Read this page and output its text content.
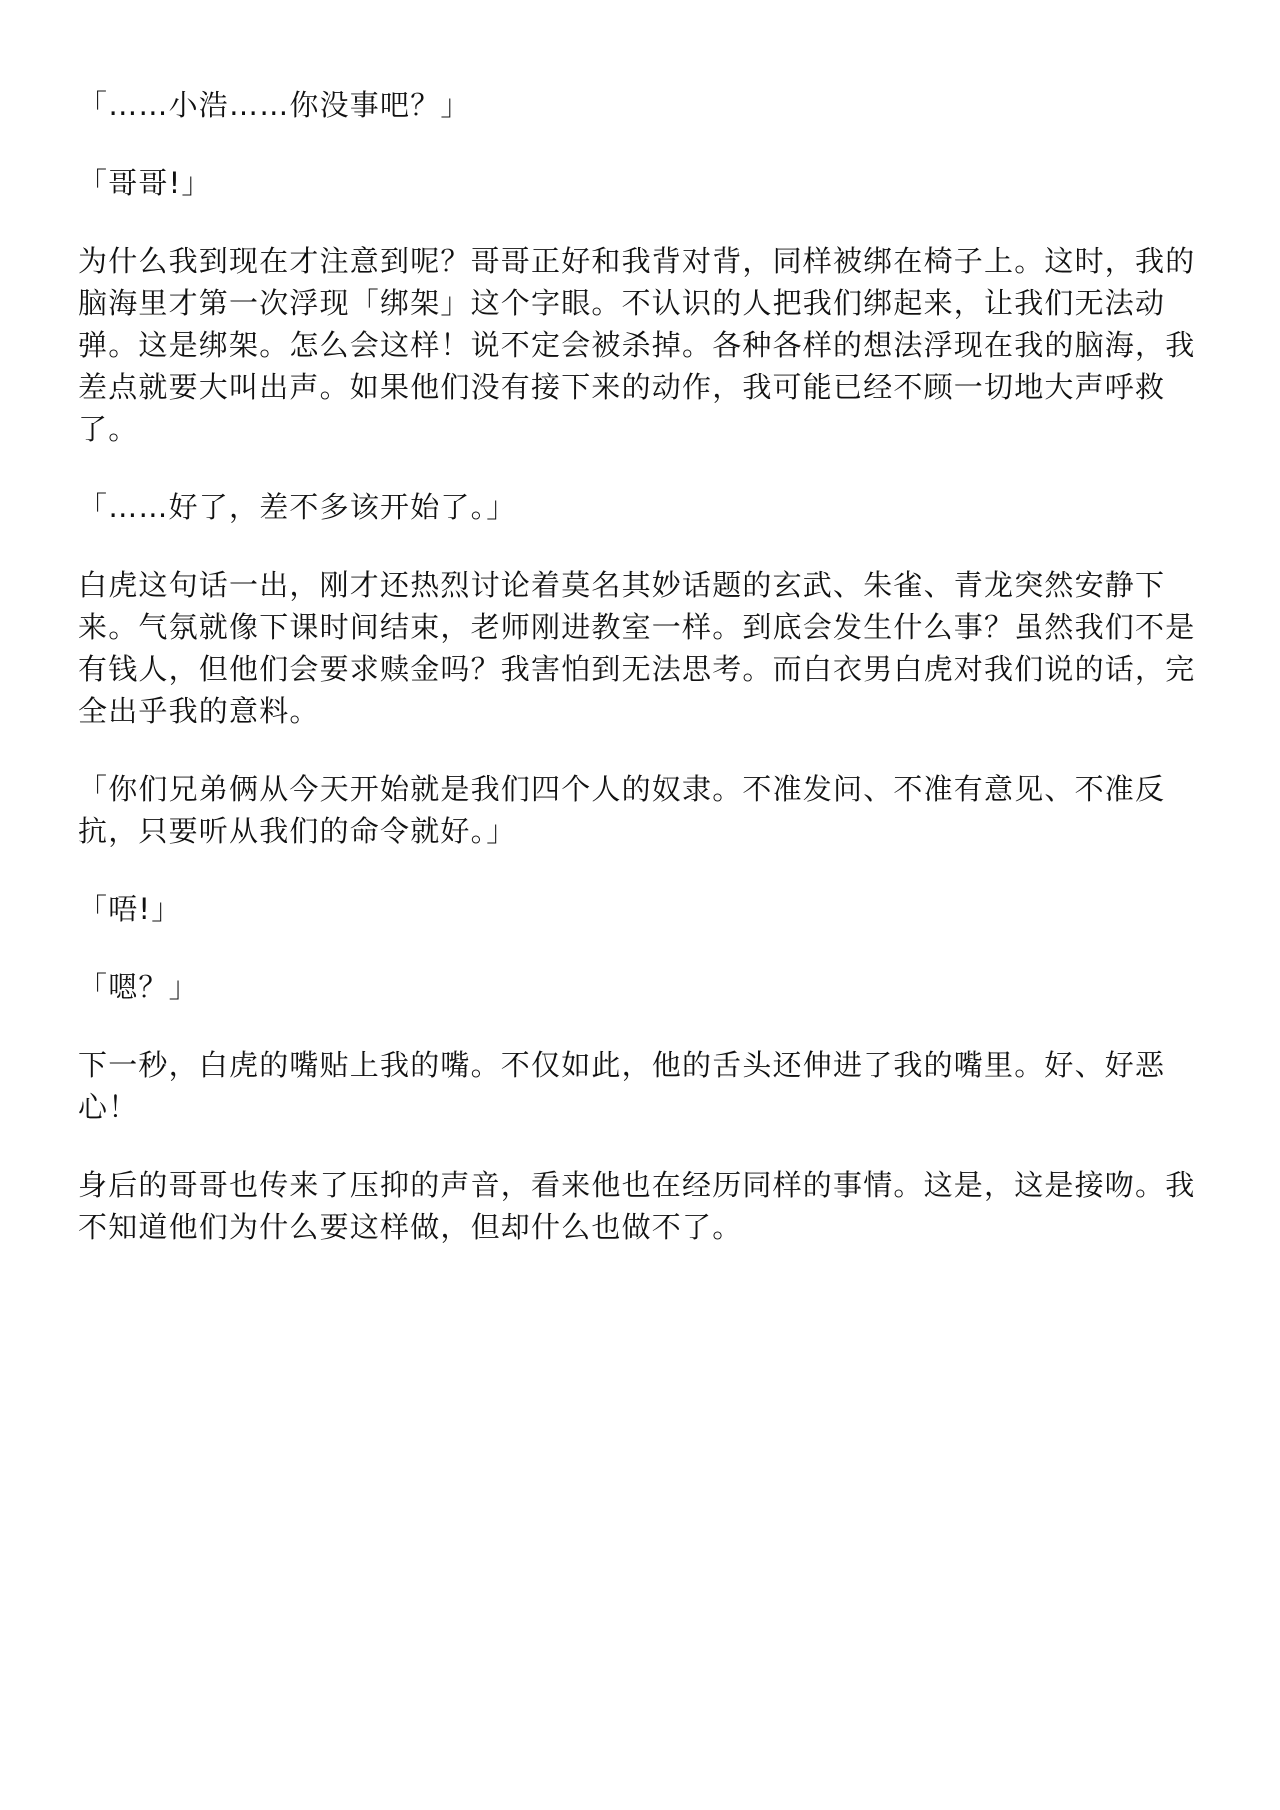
「……小浩……你没事吧？」

「哥哥!」

为什么我到现在才注意到呢？哥哥正好和我背对背，同样被绑在椅子上。这时，我的脑海里才第一次浮现「绑架」这个字眼。不认识的人把我们绑起来，让我们无法动弹。这是绑架。怎么会这样！说不定会被杀掉。各种各样的想法浮现在我的脑海，我差点就要大叫出声。如果他们没有接下来的动作，我可能已经不顾一切地大声呼救了。

「……好了，差不多该开始了。」

白虎这句话一出，刚才还热烈讨论着莫名其妙话题的玄武、朱雀、青龙突然安静下来。气氛就像下课时间结束，老师刚进教室一样。到底会发生什么事？虽然我们不是有钱人，但他们会要求赎金吗？我害怕到无法思考。而白衣男白虎对我们说的话，完全出乎我的意料。

「你们兄弟俩从今天开始就是我们四个人的奴隶。不准发问、不准有意见、不准反抗，只要听从我们的命令就好。」

「唔!」

「嗯？」

下一秒，白虎的嘴贴上我的嘴。不仅如此，他的舌头还伸进了我的嘴里。好、好恶心！

身后的哥哥也传来了压抑的声音，看来他也在经历同样的事情。这是，这是接吻。我不知道他们为什么要这样做，但却什么也做不了。
